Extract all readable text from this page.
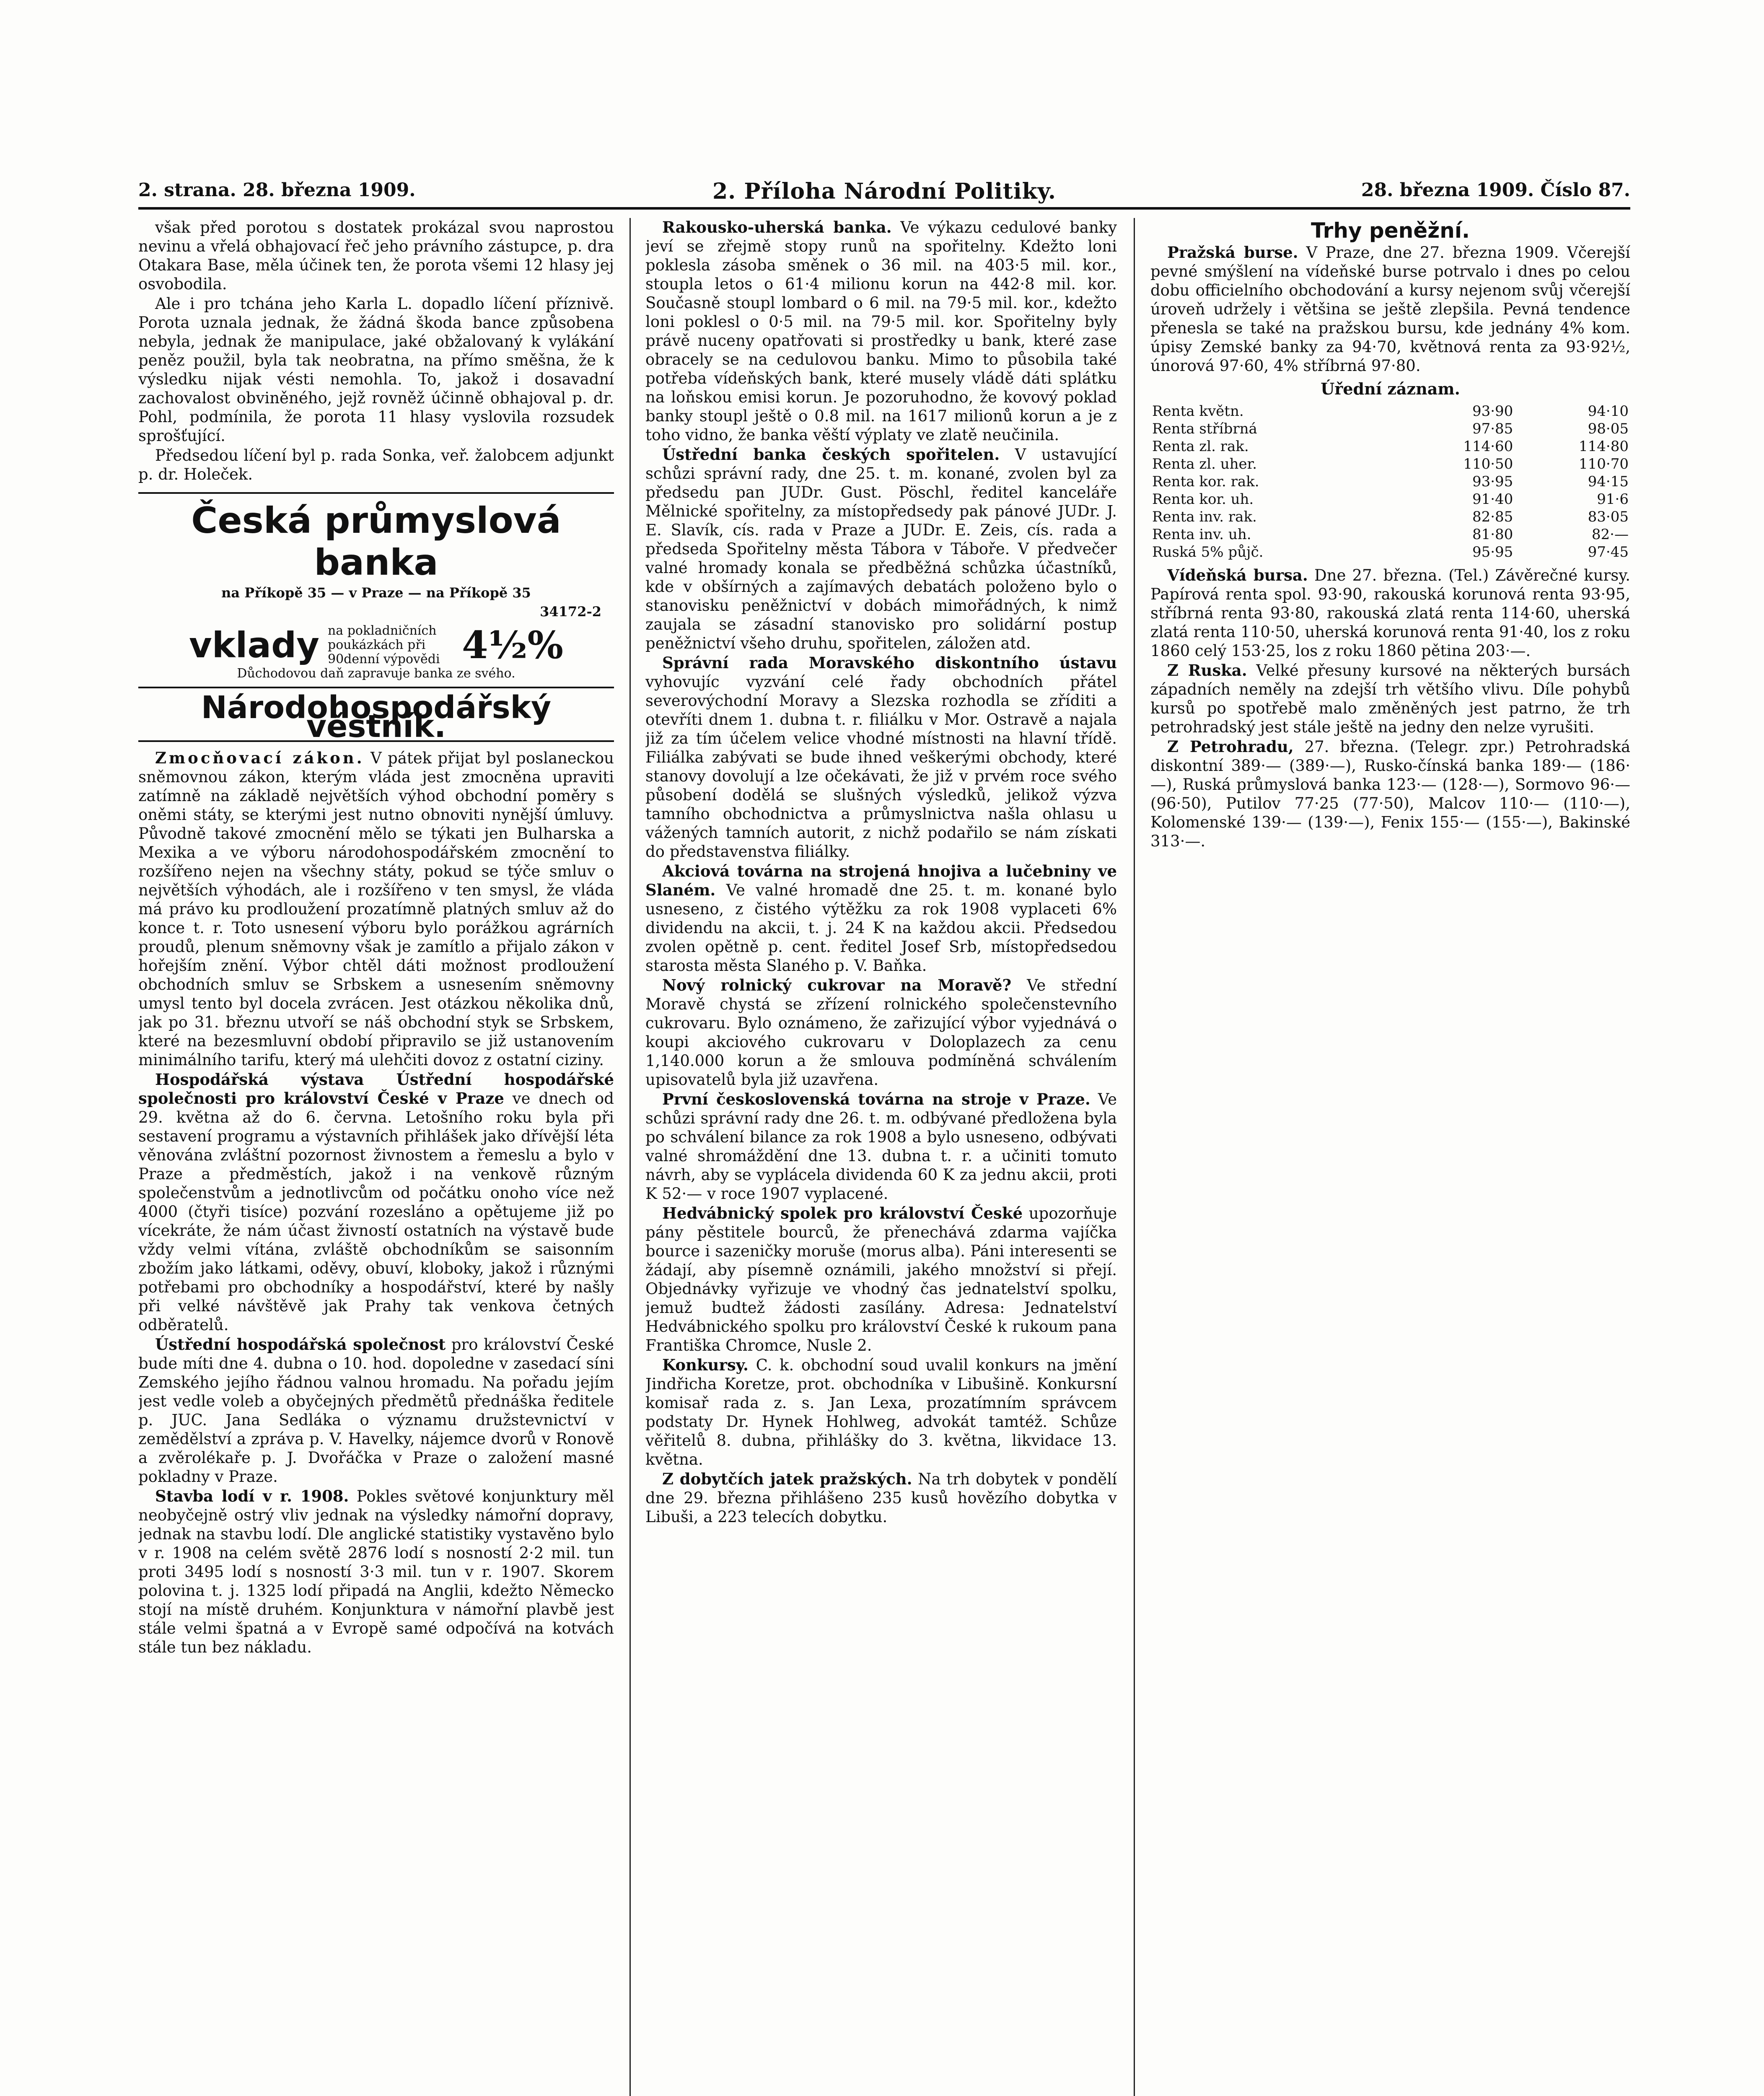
2. strana. 28. března 1909.	2. Příloha Národní Politiky.	28. března 1909. Číslo 87.

však před porotou s dostatek prokázal svou naprostou nevinu a vřelá obhajovací řeč jeho právního zástupce, p. dra Otakara Base, měla účinek ten, že porota všemi 12 hlasy jej osvobodila.

Ale i pro tchána jeho Karla L. dopadlo líčení příznivě. Porota uznala jednak, že žádná škoda bance způsobena nebyla, jednak že manipulace, jaké obžalovaný k vylákání peněz použil, byla tak neobratna, na přímo směšna, že k výsledku nijak vésti nemohla. To, jakož i dosavadní zachovalost obviněného, jejž rovněž účinně obhajoval p. dr. Pohl, podmínila, že porota 11 hlasy vyslovila rozsudek sprošťující.

Předsedou líčení byl p. rada Sonka, veř. žalobcem adjunkt p. dr. Holeček.

Česká průmyslová banka
na Příkopě 35 — v Praze — na Příkopě 35
34172-2
vklady na pokladničních poukázkách při 90denní výpovědi 4½%
Důchodovou daň zapravuje banka ze svého.
Národohospodářský věstník.

Zmocňovací zákon. V pátek přijat byl poslaneckou sněmovnou zákon, kterým vláda jest zmocněna upraviti zatímně na základě největších výhod obchodní poměry s oněmi státy, se kterými jest nutno obnoviti nynější úmluvy. Původně takové zmocnění mělo se týkati jen Bulharska a Mexika a ve výboru národohospodářském zmocnění to rozšířeno nejen na všechny státy, pokud se týče smluv o největších výhodách, ale i rozšířeno v ten smysl, že vláda má právo ku prodloužení prozatímně platných smluv až do konce t. r. Toto usnesení výboru bylo porážkou agrárních proudů, plenum sněmovny však je zamítlo a přijalo zákon v hořejším znění. Výbor chtěl dáti možnost prodloužení obchodních smluv se Srbskem a usnesením sněmovny umysl tento byl docela zvrácen. Jest otázkou několika dnů, jak po 31. březnu utvoří se náš obchodní styk se Srbskem, které na bezesmluvní období připravilo se již ustanovením minimálního tarifu, který má ulehčiti dovoz z ostatní ciziny.

Hospodářská výstava Ústřední hospodářské společnosti pro království České v Praze ve dnech od 29. května až do 6. června. Letošního roku byla při sestavení programu a výstavních přihlášek jako dřívější léta věnována zvláštní pozornost živnostem a řemeslu a bylo v Praze a předměstích, jakož i na venkově různým společenstvům a jednotlivcům od počátku onoho více než 4000 (čtyři tisíce) pozvání rozesláno a opětujeme již po vícekráte, že nám účast živností ostatních na výstavě bude vždy velmi vítána, zvláště obchodníkům se saisonním zbožím jako látkami, oděvy, obuví, kloboky, jakož i různými potřebami pro obchodníky a hospodářství, které by našly při velké návštěvě jak Prahy tak venkova četných odběratelů.

Ústřední hospodářská společnost pro království České bude míti dne 4. dubna o 10. hod. dopoledne v zasedací síni Zemského jejího řádnou valnou hromadu. Na pořadu jejím jest vedle voleb a obyčejných předmětů přednáška ředitele p. JUC. Jana Sedláka o významu družstevnictví v zemědělství a zpráva p. V. Havelky, nájemce dvorů v Ronově a zvěrolékaře p. J. Dvořáčka v Praze o založení masné pokladny v Praze.

Stavba lodí v r. 1908. Pokles světové konjunktury měl neobyčejně ostrý vliv jednak na výsledky námořní dopravy, jednak na stavbu lodí. Dle anglické statistiky vystavěno bylo v r. 1908 na celém světě 2876 lodí s nosností 2·2 mil. tun proti 3495 lodí s nosností 3·3 mil. tun v r. 1907. Skorem polovina t. j. 1325 lodí připadá na Anglii, kdežto Německo stojí na místě druhém. Konjunktura v námořní plavbě jest stále velmi špatná a v Evropě samé odpočívá na kotvách stále tun bez nákladu.

Rakousko-uherská banka. Ve výkazu cedulové banky jeví se zřejmě stopy runů na spořitelny. Kdežto loni poklesla zásoba směnek o 36 mil. na 403·5 mil. kor., stoupla letos o 61·4 milionu korun na 442·8 mil. kor. Současně stoupl lombard o 6 mil. na 79·5 mil. kor., kdežto loni poklesl o 0·5 mil. na 79·5 mil. kor. Spořitelny byly právě nuceny opatřovati si prostředky u bank, které zase obracely se na cedulovou banku. Mimo to působila také potřeba vídeňských bank, které musely vládě dáti splátku na loňskou emisi korun. Je pozoruhodno, že kovový poklad banky stoupl ještě o 0.8 mil. na 1617 milionů korun a je z toho vidno, že banka věští výplaty ve zlatě neučinila.

Ústřední banka českých spořitelen. V ustavující schůzi správní rady, dne 25. t. m. konané, zvolen byl za předsedu pan JUDr. Gust. Pöschl, ředitel kanceláře Mělnické spořitelny, za místopředsedy pak pánové JUDr. J. E. Slavík, cís. rada v Praze a JUDr. E. Zeis, cís. rada a předseda Spořitelny města Tábora v Táboře. V předvečer valné hromady konala se předběžná schůzka účastníků, kde v obšírných a zajímavých debatách položeno bylo o stanovisku peněžnictví v dobách mimořádných, k nimž zaujala se zásadní stanovisko pro solidární postup peněžnictví všeho druhu, spořitelen, záložen atd.

Správní rada Moravského diskontního ústavu vyhovujíc vyzvání celé řady obchodních přátel severovýchodní Moravy a Slezska rozhodla se zříditi a otevříti dnem 1. dubna t. r. filiálku v Mor. Ostravě a najala již za tím účelem velice vhodné místnosti na hlavní třídě. Filiálka zabývati se bude ihned veškerými obchody, které stanovy dovolují a lze očekávati, že již v prvém roce svého působení dodělá se slušných výsledků, jelikož výzva tamního obchodnictva a průmyslnictva našla ohlasu u vážených tamních autorit, z nichž podařilo se nám získati do představenstva filiálky.

Akciová továrna na strojená hnojiva a lučebniny ve Slaném. Ve valné hromadě dne 25. t. m. konané bylo usneseno, z čistého výtěžku za rok 1908 vyplaceti 6% dividendu na akcii, t. j. 24 K na každou akcii. Předsedou zvolen opětně p. cent. ředitel Josef Srb, místopředsedou starosta města Slaného p. V. Baňka.

Nový rolnický cukrovar na Moravě? Ve střední Moravě chystá se zřízení rolnického společenstevního cukrovaru. Bylo oznámeno, že zařizující výbor vyjednává o koupi akciového cukrovaru v Doloplazech za cenu 1,140.000 korun a že smlouva podmíněná schválením upisovatelů byla již uzavřena.

První československá továrna na stroje v Praze. Ve schůzi správní rady dne 26. t. m. odbývané předložena byla po schválení bilance za rok 1908 a bylo usneseno, odbývati valné shromáždění dne 13. dubna t. r. a učiniti tomuto návrh, aby se vyplácela dividenda 60 K za jednu akcii, proti K 52·— v roce 1907 vyplacené.

Hedvábnický spolek pro království České upozorňuje pány pěstitele bourců, že přenechává zdarma vajíčka bource i sazeničky moruše (morus alba). Páni interesenti se žádají, aby písemně oznámili, jakého množství si přejí. Objednávky vyřizuje ve vhodný čas jednatelství spolku, jemuž budtež žádosti zasílány. Adresa: Jednatelství Hedvábnického spolku pro království České k rukoum pana Františka Chromce, Nusle 2.

Konkursy. C. k. obchodní soud uvalil konkurs na jmění Jindřicha Koretze, prot. obchodníka v Libušině. Konkursní komisař rada z. s. Jan Lexa, prozatímním správcem podstaty Dr. Hynek Hohlweg, advokát tamtéž. Schůze věřitelů 8. dubna, přihlášky do 3. května, likvidace 13. května.

Z dobytčích jatek pražských. Na trh dobytek v pondělí dne 29. března přihlášeno 235 kusů hovězího dobytka v Libuši, a 223 telecích dobytku.

Trhy peněžní.

Pražská burse. V Praze, dne 27. března 1909. Včerejší pevné smýšlení na vídeňské burse potrvalo i dnes po celou dobu officielního obchodování a kursy nejenom svůj včerejší úroveň udržely i většina se ještě zlepšila. Pevná tendence přenesla se také na pražskou bursu, kde jednány 4% kom. úpisy Zemské banky za 94·70, květnová renta za 93·92½, únorová 97·60, 4% stříbrná 97·80.

Úřední záznam.
Renta květn.	93·90	94·10
Renta stříbrná	97·85	98·05
Renta zl. rak.	114·60	114·80
Renta zl. uher.	110·50	110·70
Renta kor. rak.	93·95	94·15
Renta kor. uh.	91·40	91·6
Renta inv. rak.	82·85	83·05
Renta inv. uh.	81·80	82·—
Ruská 5% půjč.	95·95	97·45

Vídeňská bursa. Dne 27. března. (Tel.) Závěrečné kursy. Papírová renta spol. 93·90, rakouská korunová renta 93·95, stříbrná renta 93·80, rakouská zlatá renta 114·60, uherská zlatá renta 110·50, uherská korunová renta 91·40, los z roku 1860 celý 153·25, los z roku 1860 pětina 203·—.

Z Ruska. Velké přesuny kursové na některých bursách západních neměly na zdejší trh většího vlivu. Díle pohybů kursů po spotřebě malo změněných jest patrno, že trh petrohradský jest stále ještě na jedny den nelze vyrušiti.

Z Petrohradu, 27. března. (Telegr. zpr.) Petrohradská diskontní 389·— (389·—), Rusko-čínská banka 189·— (186·—), Ruská průmyslová banka 123·— (128·—), Sormovo 96·— (96·50), Putilov 77·25 (77·50), Malcov 110·— (110·—), Kolomenské 139·— (139·—), Fenix 155·— (155·—), Bakinské 313·—.
